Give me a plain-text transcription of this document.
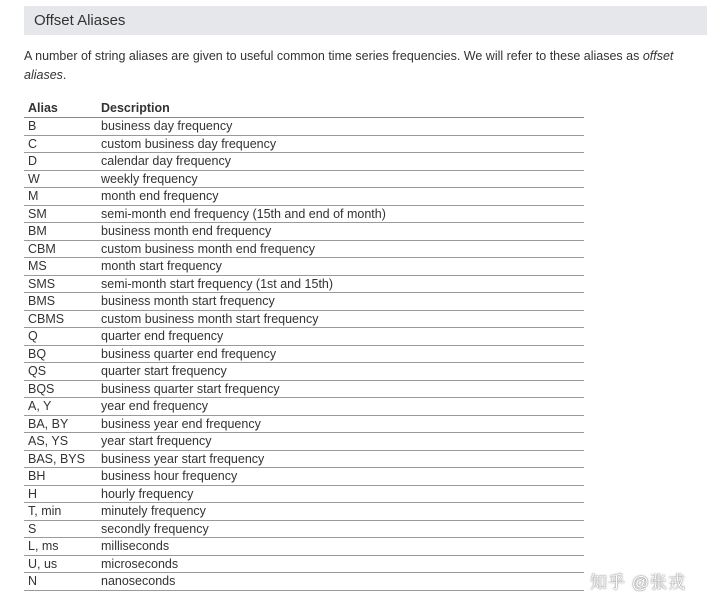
Offset Aliases

A number of string aliases are given to useful common time series frequencies. We will refer to these aliases as offset aliases.

Alias	Description
B	business day frequency
C	custom business day frequency
D	calendar day frequency
W	weekly frequency
M	month end frequency
SM	semi-month end frequency (15th and end of month)
BM	business month end frequency
CBM	custom business month end frequency
MS	month start frequency
SMS	semi-month start frequency (1st and 15th)
BMS	business month start frequency
CBMS	custom business month start frequency
Q	quarter end frequency
BQ	business quarter end frequency
QS	quarter start frequency
BQS	business quarter start frequency
A, Y	year end frequency
BA, BY	business year end frequency
AS, YS	year start frequency
BAS, BYS	business year start frequency
BH	business hour frequency
H	hourly frequency
T, min	minutely frequency
S	secondly frequency
L, ms	milliseconds
U, us	microseconds
N	nanoseconds	知乎 @张戎
